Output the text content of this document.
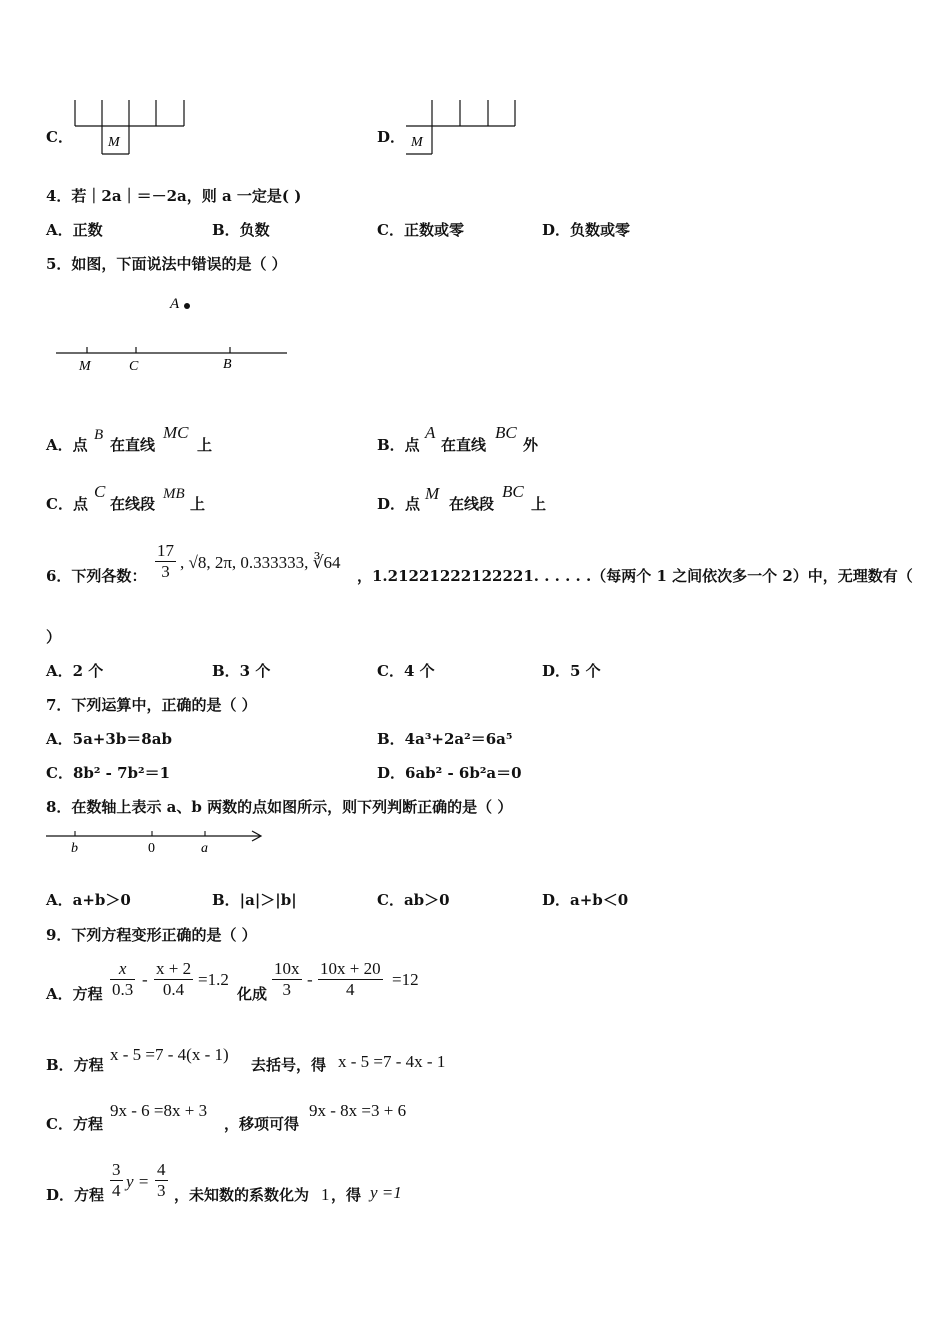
C．	M	D． M
4．若｜2a｜＝－2a，则 a 一定是( )
A．正数	B．负数	C．正数或零	D．负数或零
5．如图，下面说法中错误的是（ ）
A
M	C	B
A．点
B
在直线
MC
上	B．点
A
在直线
BC
外
C．点
C
在线段
MB
上	D．点
M
在线段
BC
上
6．下列各数： $\frac{17}{3}$ , √8, 2π, 0.333333, ∛64
，1.21221222122221. . . . . .（每两个 1 之间依次多一个 2）中，无理数有（
）
A．2 个	B．3 个	C．4 个	D．5 个
7．下列运算中，正确的是（ ）
A．5a+3b＝8ab	B．4a³+2a²＝6a⁵
C．8b² ‐ 7b²＝1	D．6ab² ‐ 6b²a＝0
8．在数轴上表示 a、b 两数的点如图所示，则下列判断正确的是（ ）
b	0	a
A．a+b＞0	B．|a|＞|b|	C．ab＞0	D．a+b＜0
9．下列方程变形正确的是（ ）
A．方程 $\frac{x}{0.3}$ ‐ $\frac{x + 2}{0.4} =1.2$
化成 $\frac{10x}{3}$ ‐ $\frac{10x + 20}{4} =12$
B．方程
x ‐ 5 =7 ‐ 4(x ‐ 1)
去括号，得 x ‐ 5 =7 ‐ 4x ‐ 1
C．方程
9x ‐ 6 =8x + 3
，移项可得
9x ‐ 8x =3 + 6
D．方程 $\frac{3}{4}$ $y = \frac{4}{3}$ ，未知数的系数化为 1 ，得 y =1
